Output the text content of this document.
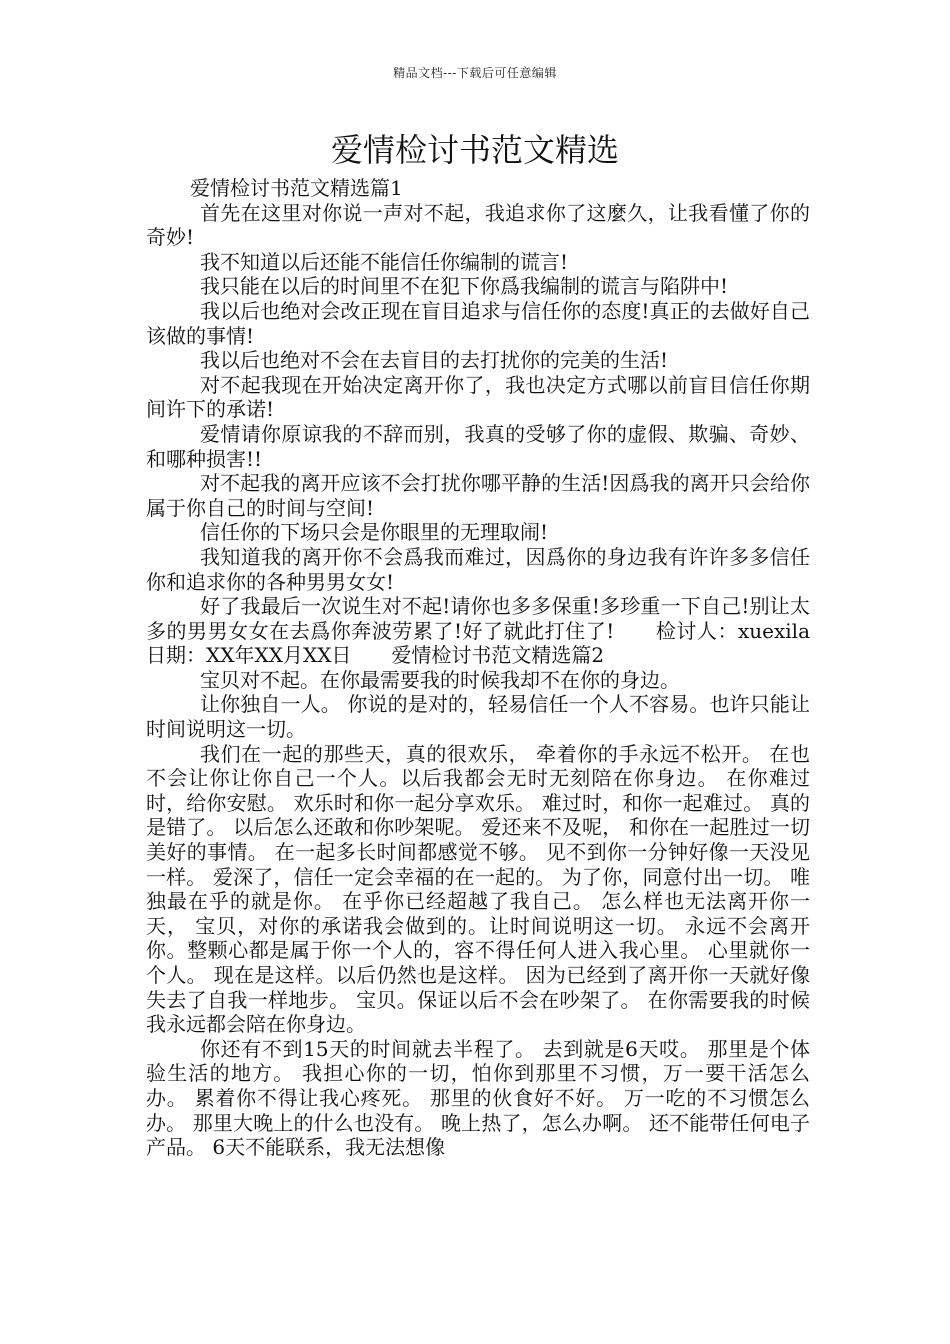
精品文档---下载后可任意编辑
爱情检讨书范文精选

爱情检讨书范文精选篇1

首先在这里对你说一声对不起，我追求你了这麼久，让我看懂了你的奇妙!

我不知道以后还能不能信任你编制的谎言!

我只能在以后的时间里不在犯下你爲我编制的谎言与陷阱中!

我以后也绝对会改正现在盲目追求与信任你的态度!真正的去做好自己该做的事情!

我以后也绝对不会在去盲目的去打扰你的完美的生活!

对不起我现在开始决定离开你了，我也决定方式哪以前盲目信任你期间许下的承诺!

爱情请你原谅我的不辞而别，我真的受够了你的虚假、欺骗、奇妙、和哪种损害!!

对不起我的离开应该不会打扰你哪平静的生活!因爲我的离开只会给你属于你自己的时间与空间!

信任你的下场只会是你眼里的无理取闹!

我知道我的离开你不会爲我而难过，因爲你的身边我有许许多多信任你和追求你的各种男男女女!

好了我最后一次说生对不起!请你也多多保重!多珍重一下自己!别让太多的男男女女在去爲你奔波劳累了!好了就此打住了!　　检讨人：xuexila　　日期：XX年XX月XX日　　爱情检讨书范文精选篇2

宝贝对不起。在你最需要我的时候我却不在你的身边。

让你独自一人。 你说的是对的，轻易信任一个人不容易。也许只能让时间说明这一切。

我们在一起的那些天，真的很欢乐， 牵着你的手永远不松开。 在也不会让你让你自己一个人。以后我都会无时无刻陪在你身边。 在你难过时，给你安慰。 欢乐时和你一起分享欢乐。 难过时，和你一起难过。 真的是错了。 以后怎么还敢和你吵架呢。 爱还来不及呢， 和你在一起胜过一切美好的事情。 在一起多长时间都感觉不够。 见不到你一分钟好像一天没见一样。 爱深了，信任一定会幸福的在一起的。 为了你，同意付出一切。 唯独最在乎的就是你。 在乎你已经超越了我自己。 怎么样也无法离开你一天， 宝贝，对你的承诺我会做到的。让时间说明这一切。 永远不会离开你。整颗心都是属于你一个人的，容不得任何人进入我心里。 心里就你一个人。 现在是这样。以后仍然也是这样。 因为已经到了离开你一天就好像失去了自我一样地步。 宝贝。保证以后不会在吵架了。 在你需要我的时候我永远都会陪在你身边。

你还有不到15天的时间就去半程了。 去到就是6天哎。 那里是个体验生活的地方。 我担心你的一切，怕你到那里不习惯，万一要干活怎么办。 累着你不得让我心疼死。 那里的伙食好不好。 万一吃的不习惯怎么办。 那里大晚上的什么也没有。 晚上热了，怎么办啊。 还不能带任何电子产品。 6天不能联系，我无法想像
